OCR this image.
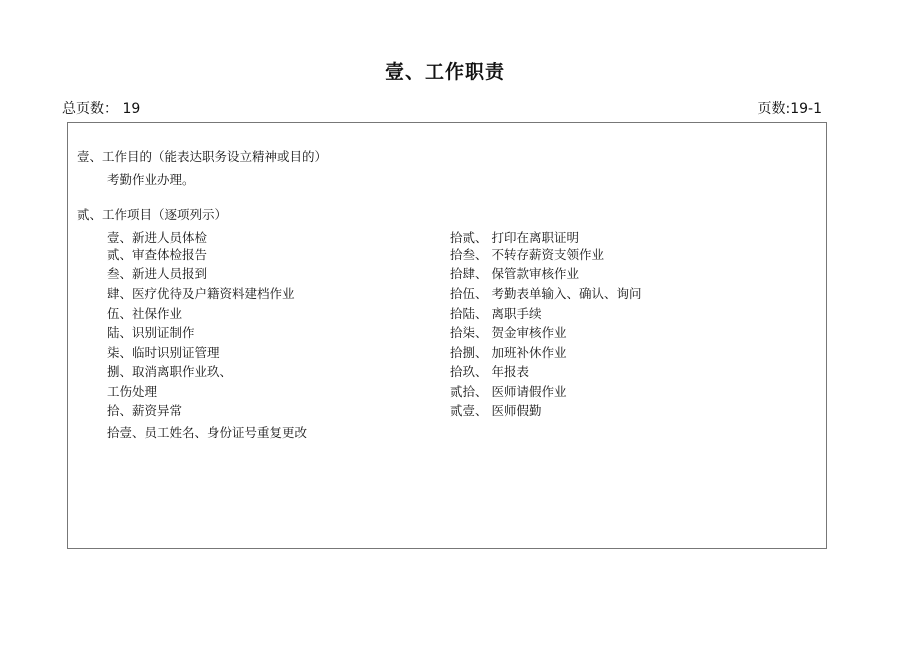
壹、工作职责
总页数： 19	页数:19-1
壹、工作目的（能表达职务设立精神或目的）
考勤作业办理。
贰、工作项目（逐项列示）
壹、新进人员体检
贰、审查体检报告
叁、新进人员报到
肆、医疗优待及户籍资料建档作业
伍、社保作业
陆、识别证制作
柒、临时识别证管理
捌、取消离职作业玖、
工伤处理
拾、薪资异常
拾壹、员工姓名、身份证号重复更改
拾贰、 打印在离职证明
拾叁、 不转存薪资支领作业
拾肆、 保管款审核作业
拾伍、 考勤表单输入、确认、询问
拾陆、 离职手续
拾柒、 贺金审核作业
拾捌、 加班补休作业
拾玖、 年报表
贰拾、 医师请假作业
贰壹、 医师假勤
